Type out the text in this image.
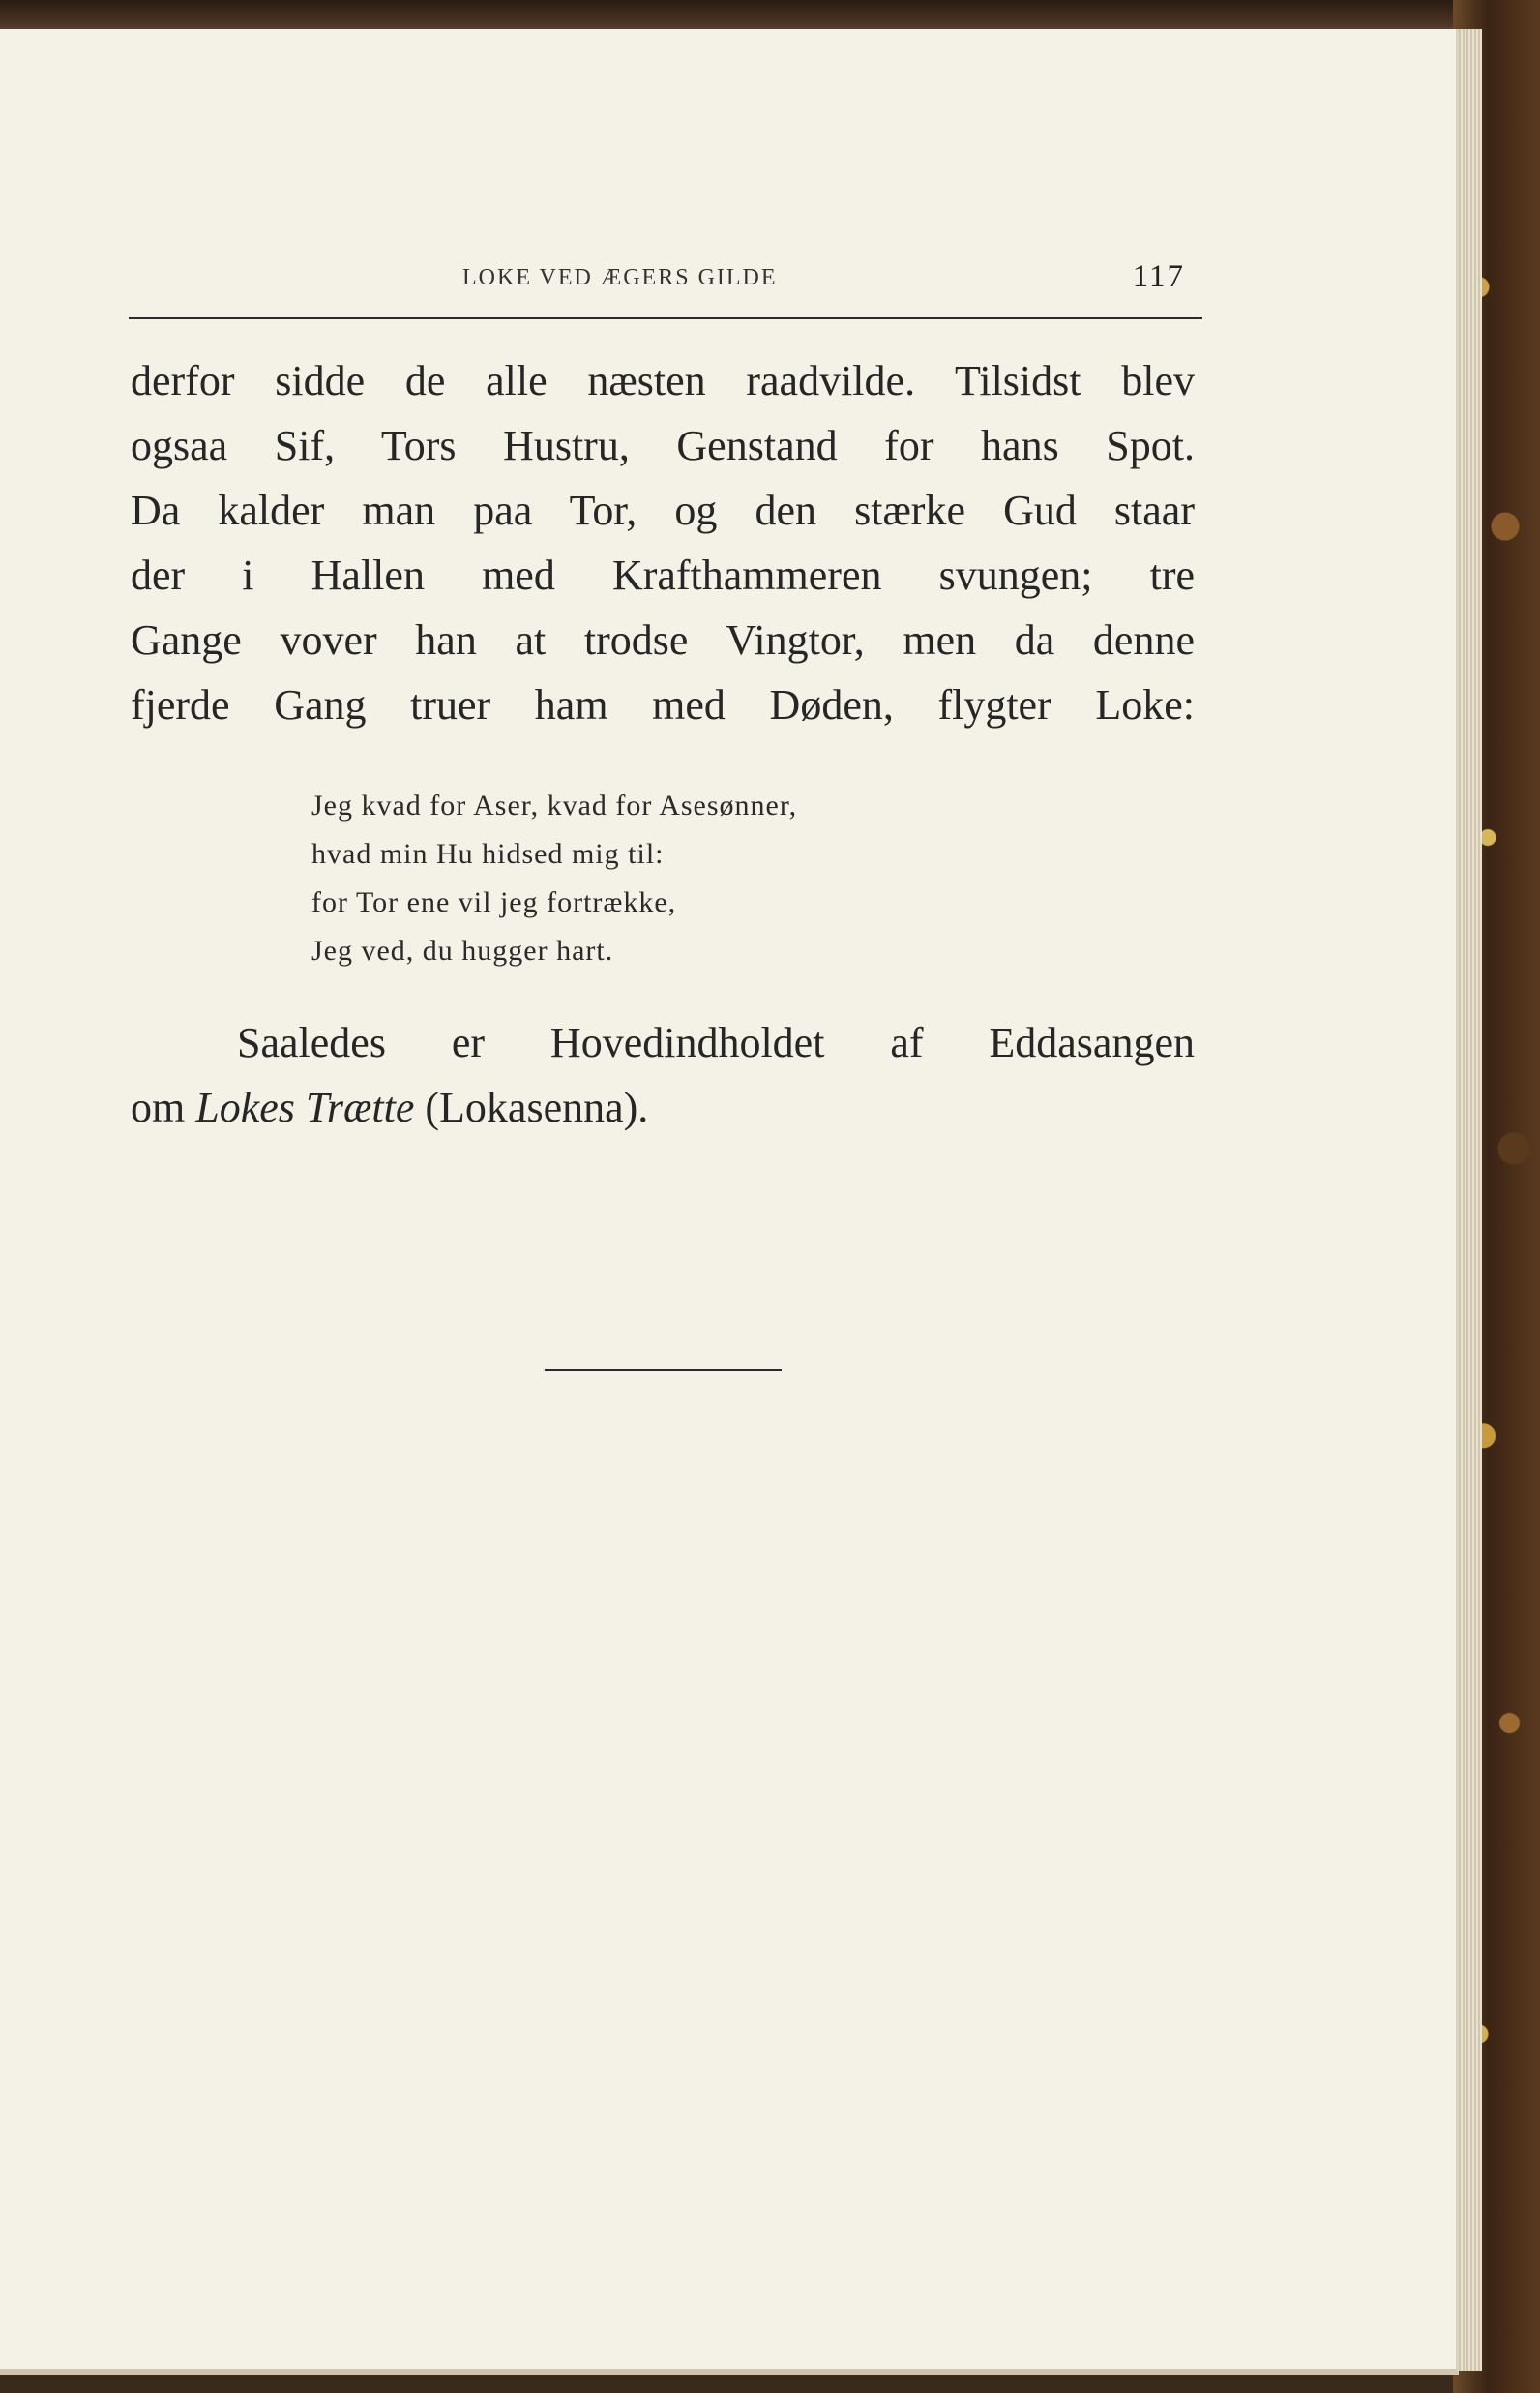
LOKE VED ÆGERS GILDE	117
derfor sidde de alle næsten raadvilde. Tilsidst blev
ogsaa Sif, Tors Hustru, Genstand for hans Spot.
Da kalder man paa Tor, og den stærke Gud staar
der i Hallen med Krafthammeren svungen; tre
Gange vover han at trodse Vingtor, men da denne
fjerde Gang truer ham med Døden, flygter Loke:
Jeg kvad for Aser, kvad for Asesønner,
hvad min Hu hidsed mig til:
for Tor ene vil jeg fortrække,
Jeg ved, du hugger hart.
Saaledes er Hovedindholdet af Eddasangen
om Lokes Trætte (Lokasenna).
